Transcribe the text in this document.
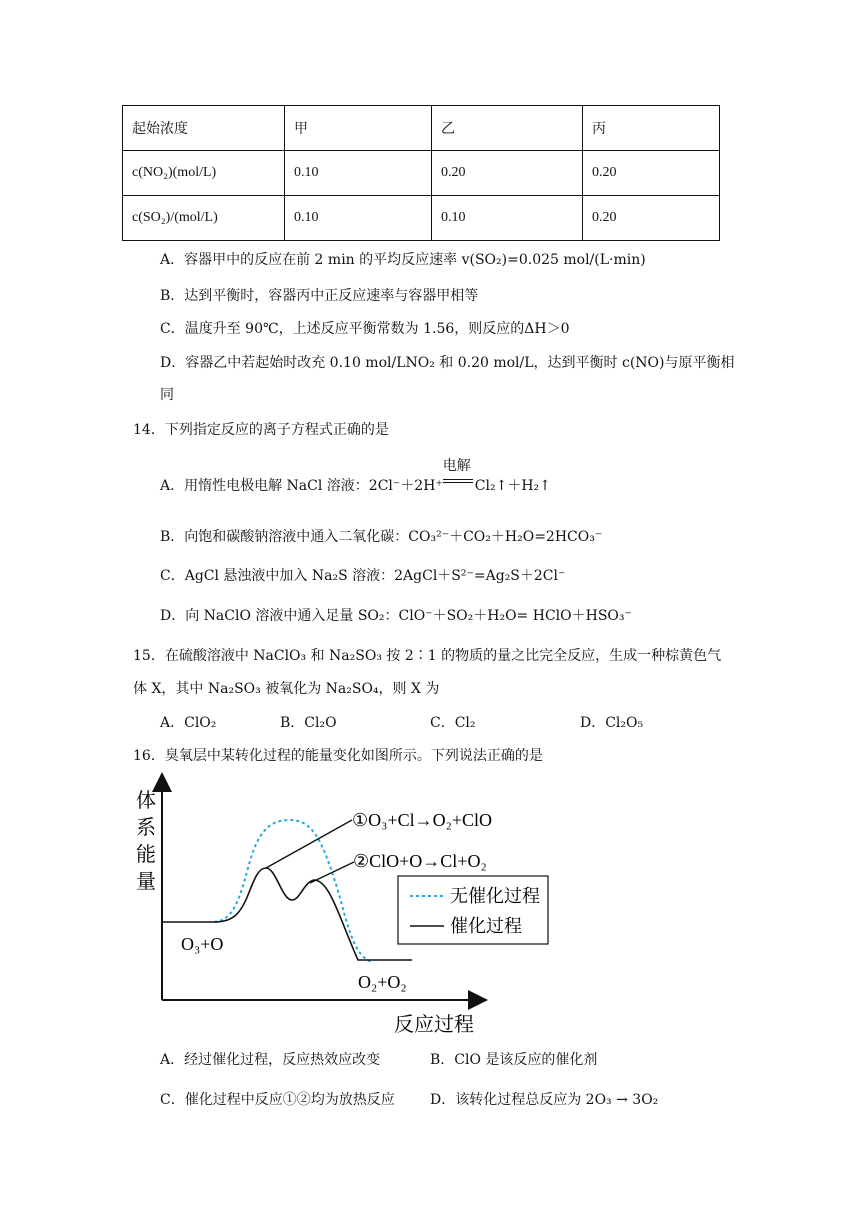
起始浓度	甲	乙	丙
c(NO₂)(mol/L)	0.10	0.20	0.20
c(SO₂)/(mol/L)	0.10	0.10	0.20
A．容器甲中的反应在前 2 min 的平均反应速率 v(SO₂)=0.025 mol/(L·min)
B．达到平衡时，容器丙中正反应速率与容器甲相等
C．温度升至 90℃，上述反应平衡常数为 1.56，则反应的ΔH＞0
D．容器乙中若起始时改充 0.10 mol/LNO₂ 和 0.20 mol/L，达到平衡时 c(NO)与原平衡相
同
14．下列指定反应的离子方程式正确的是
A．用惰性电极电解 NaCl 溶液：2Cl⁻＋2H⁺
电解
Cl₂↑＋H₂↑
B．向饱和碳酸钠溶液中通入二氧化碳：CO₃²⁻＋CO₂＋H₂O=2HCO₃⁻
C．AgCl 悬浊液中加入 Na₂S 溶液：2AgCl＋S²⁻=Ag₂S＋2Cl⁻
D．向 NaClO 溶液中通入足量 SO₂：ClO⁻＋SO₂＋H₂O= HClO＋HSO₃⁻
15．在硫酸溶液中 NaClO₃ 和 Na₂SO₃ 按 2∶1 的物质的量之比完全反应，生成一种棕黄色气
体 X，其中 Na₂SO₃ 被氧化为 Na₂SO₄，则 X 为
A．ClO₂	B．Cl₂O	C．Cl₂	D．Cl₂O₅
16．臭氧层中某转化过程的能量变化如图所示。下列说法正确的是
体
系
能
量
反应过程
①O₃+Cl→O₂+ClO
②ClO+O→Cl+O₂
O₃+O
O₂+O₂
无催化过程
催化过程
A．经过催化过程，反应热效应改变	B．ClO 是该反应的催化剂
C．催化过程中反应①②均为放热反应	D．该转化过程总反应为 2O₃ → 3O₂
